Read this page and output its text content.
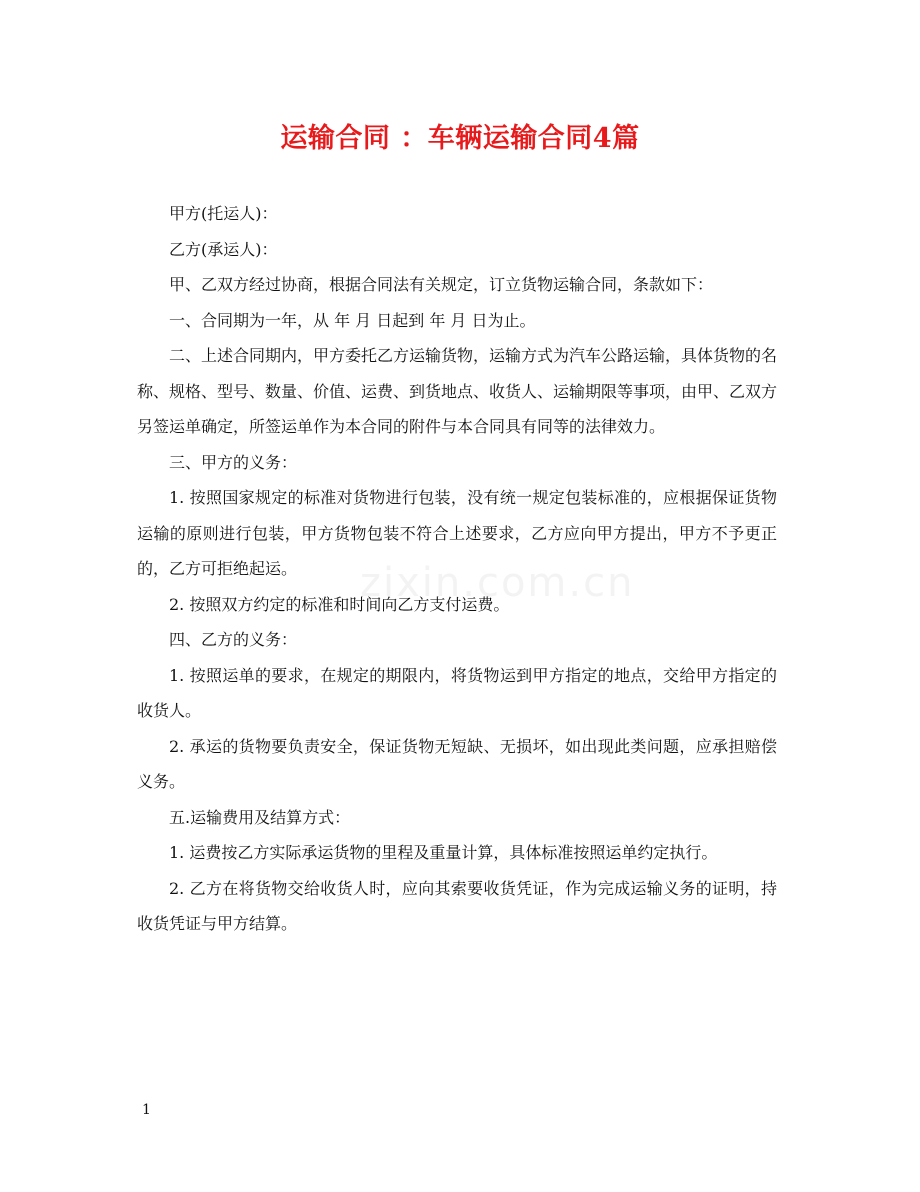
运输合同 ：车辆运输合同4篇
zixin.com.cn

甲方(托运人)：

乙方(承运人)：

甲、乙双方经过协商，根据合同法有关规定，订立货物运输合同，条款如下：

一、合同期为一年，从 年 月 日起到 年 月 日为止。

二、上述合同期内，甲方委托乙方运输货物，运输方式为汽车公路运输，具体货物的名称、规格、型号、数量、价值、运费、到货地点、收货人、运输期限等事项，由甲、乙双方另签运单确定，所签运单作为本合同的附件与本合同具有同等的法律效力。

三、甲方的义务：

1. 按照国家规定的标准对货物进行包装，没有统一规定包装标准的，应根据保证货物运输的原则进行包装，甲方货物包装不符合上述要求，乙方应向甲方提出，甲方不予更正的，乙方可拒绝起运。

2. 按照双方约定的标准和时间向乙方支付运费。

四、乙方的义务：

1. 按照运单的要求，在规定的期限内，将货物运到甲方指定的地点，交给甲方指定的收货人。

2. 承运的货物要负责安全，保证货物无短缺、无损坏，如出现此类问题，应承担赔偿义务。

五.运输费用及结算方式：

1. 运费按乙方实际承运货物的里程及重量计算，具体标准按照运单约定执行。

2. 乙方在将货物交给收货人时，应向其索要收货凭证，作为完成运输义务的证明，持收货凭证与甲方结算。

1
